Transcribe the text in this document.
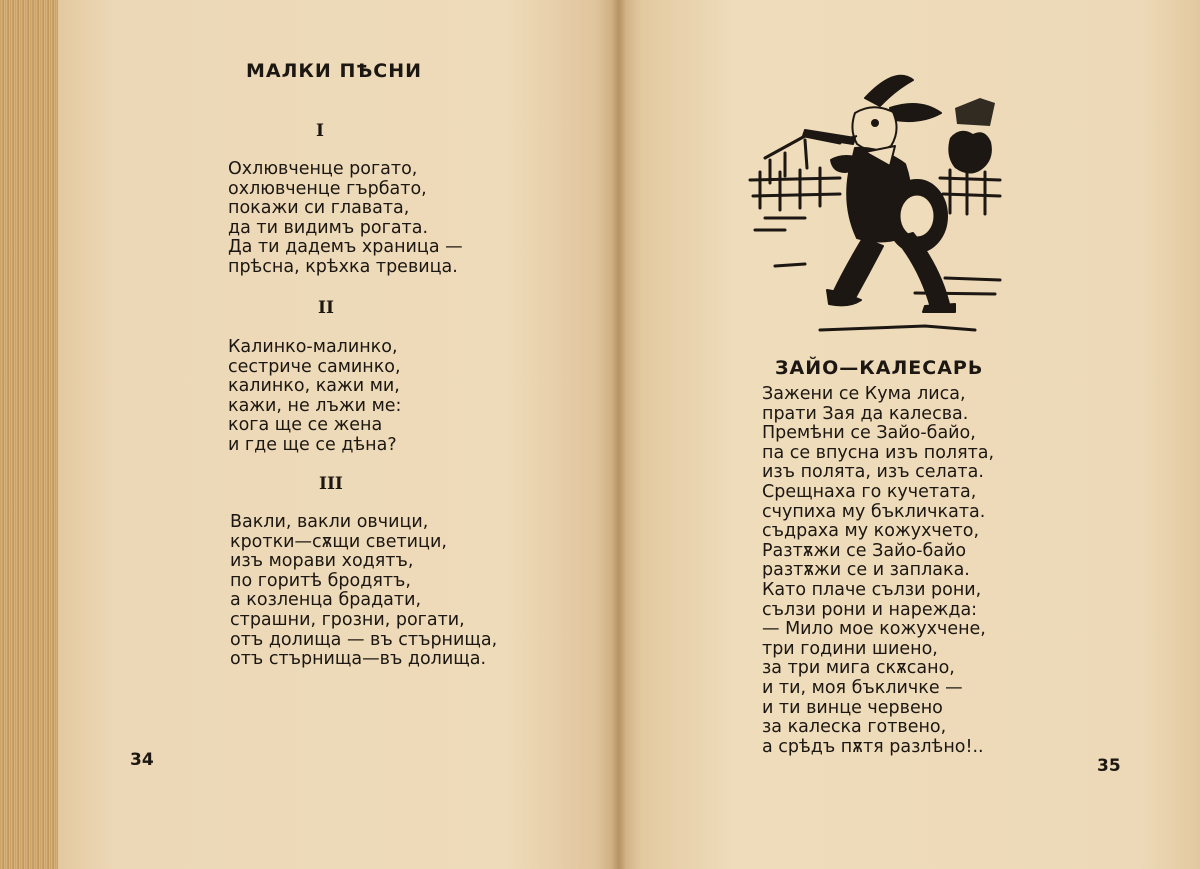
МАЛКИ ПѢСНИ
I
Охлювченце рогато,
охлювченце гърбато,
покажи си главата,
да ти видимъ рогата.
Да ти дадемъ храница —
прѣсна, крѣхка тревица.
II
Калинко-малинко,
сестриче саминко,
калинко, кажи ми,
кажи, не лъжи ме:
кога ще се жена
и где ще се дѣна?
III
Вакли, вакли овчици,
кротки—сѫщи светици,
изъ морави ходятъ,
по горитѣ бродятъ,
а козленца брадати,
страшни, грозни, рогати,
отъ долища — въ стърнища,
отъ стърнища—въ долища.
34
ЗАЙО—КАЛЕСАРЬ
Зажени се Кума лиса,
прати Зая да калесва.
Премѣни се Зайо-байо,
па се впусна изъ полята,
изъ полята, изъ селата.
Срещнаха го кучетата,
счупиха му бъкличката.
съдраха му кожухчето,
Разтѫжи се Зайо-байо
разтѫжи се и заплака.
Като плаче сълзи рони,
сълзи рони и нарежда:
— Мило мое кожухчене,
три години шиено,
за три мига скѫсано,
и ти, моя бъкличке —
и ти винце червено
за калеска готвено,
а срѣдъ пѫтя разлѣно!..
35
